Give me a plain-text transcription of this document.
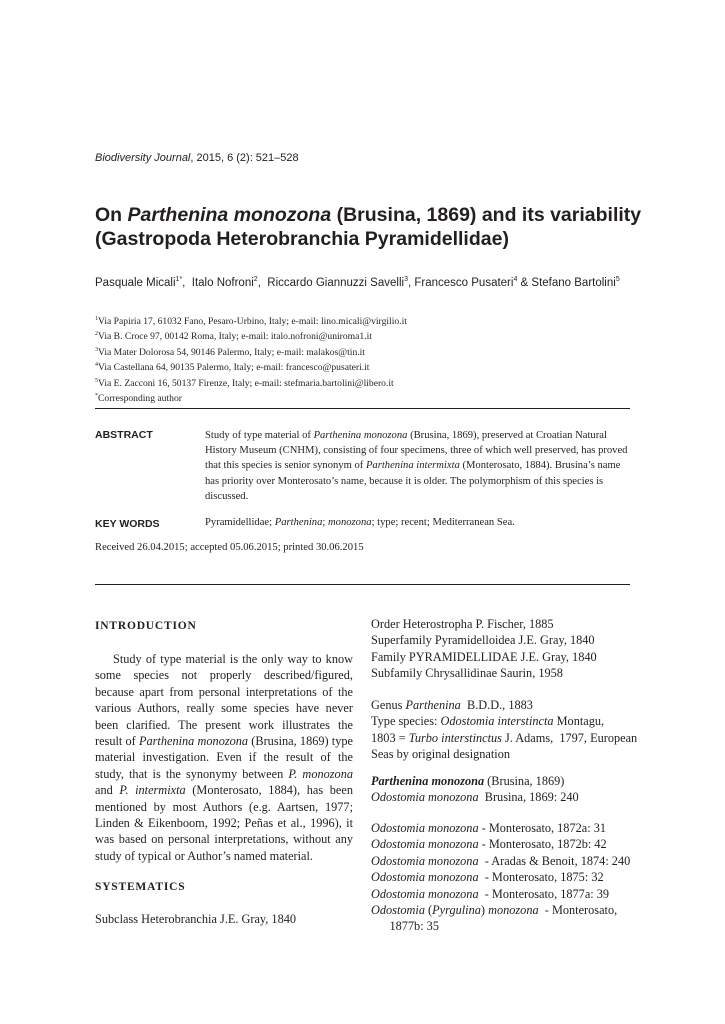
Biodiversity Journal, 2015, 6 (2): 521–528
On Parthenina monozona (Brusina, 1869) and its variability
(Gastropoda Heterobranchia Pyramidellidae)
Pasquale Micali$^{1*}$,  Italo Nofroni$^2$,  Riccardo Giannuzzi Savelli$^3$, Francesco Pusateri$^4$ & Stefano Bartolini$^5$
$^1$Via Papiria 17, 61032 Fano, Pesaro-Urbino, Italy; e-mail: lino.micali@virgilio.it
$^2$Via B. Croce 97, 00142 Roma, Italy; e-mail: italo.nofroni@uniroma1.it
$^3$Via Mater Dolorosa 54, 90146 Palermo, Italy; e-mail: malakos@tin.it
$^4$Via Castellana 64, 90135 Palermo, Italy; e-mail: francesco@pusateri.it
$^5$Via E. Zacconi 16, 50137 Firenze, Italy; e-mail: stefmaria.bartolini@libero.it
*Corresponding author
ABSTRACT	Study of type material of Parthenina monozona (Brusina, 1869), preserved at Croatian Natural History Museum (CNHM), consisting of four specimens, three of which well preserved, has proved that this species is senior synonym of Parthenina intermixta (Monterosato, 1884). Brusina’s name has priority over Monterosato’s name, because it is older. The polymorphism of this species is discussed.
KEY WORDS	Pyramidellidae; Parthenina; monozona; type; recent; Mediterranean Sea.
Received 26.04.2015; accepted 05.06.2015; printed 30.06.2015
INTRODUCTION

Study of type material is the only way to know some species not properly described/figured, because apart from personal interpretations of the various Authors, really some species have never been clarified. The present work illustrates the result of Parthenina monozona (Brusina, 1869) type material investigation. Even if the result of the study, that is the synonymy between P. monozona and P. intermixta (Monterosato, 1884), has been mentioned by most Authors (e.g. Aartsen, 1977; Linden & Eikenboom, 1992; Peñas et al., 1996), it was based on personal interpretations, without any study of typical or Author’s named material.

SYSTEMATICS
Subclass Heterobranchia J.E. Gray, 1840
Order Heterostropha P. Fischer, 1885
Superfamily Pyramidelloidea J.E. Gray, 1840
Family PYRAMIDELLIDAE J.E. Gray, 1840
Subfamily Chrysallidinae Saurin, 1958
Genus Parthenina  B.D.D., 1883
Type species: Odostomia interstincta Montagu,
1803 = Turbo interstinctus J. Adams,  1797, European
Seas by original designation
Parthenina monozona (Brusina, 1869)
Odostomia monozona  Brusina, 1869: 240
Odostomia monozona - Monterosato, 1872a: 31
Odostomia monozona - Monterosato, 1872b: 42
Odostomia monozona  - Aradas & Benoit, 1874: 240
Odostomia monozona  - Monterosato, 1875: 32
Odostomia monozona  - Monterosato, 1877a: 39
Odostomia (Pyrgulina) monozona  - Monterosato,
1877b: 35
